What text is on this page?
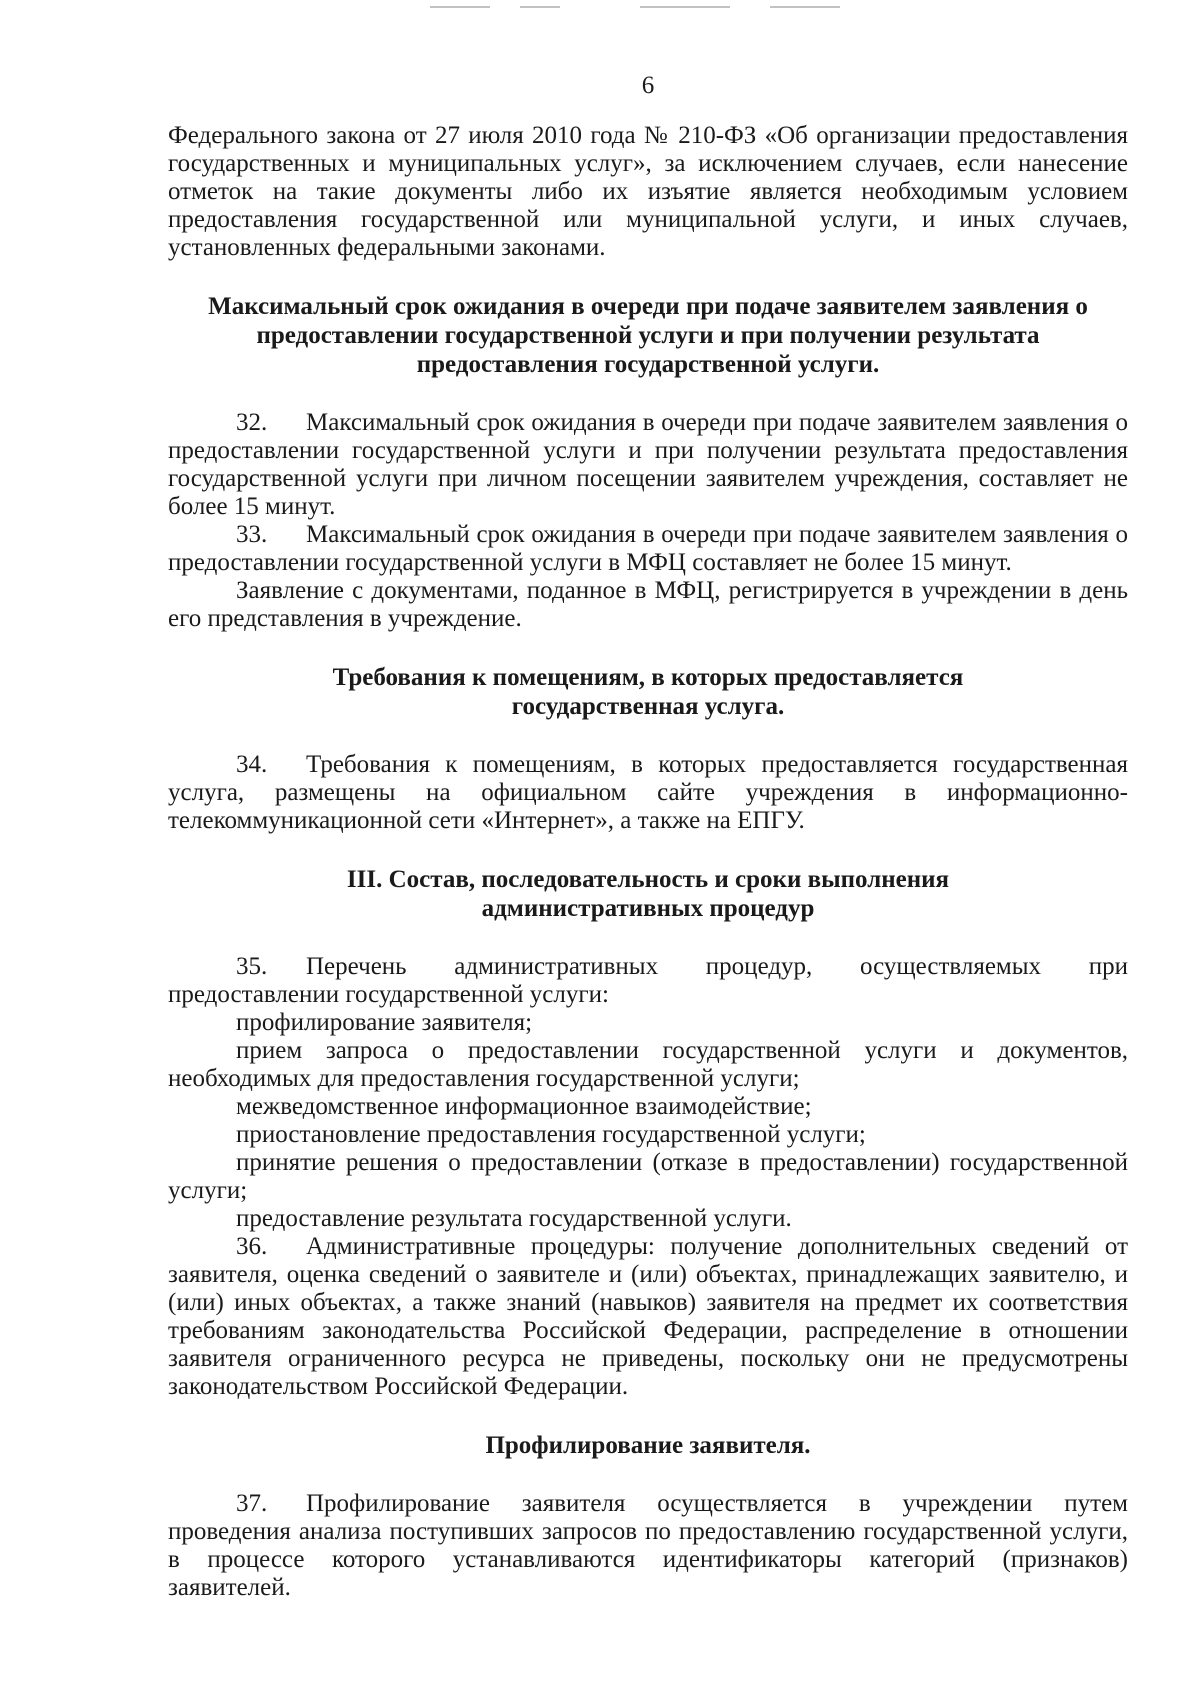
6

Федерального закона от 27 июля 2010 года № 210-ФЗ «Об организации предоставления государственных и муниципальных услуг», за исключением случаев, если нанесение отметок на такие документы либо их изъятие является необходимым условием предоставления государственной или муниципальной услуги, и иных случаев, установленных федеральными законами.

Максимальный срок ожидания в очереди при подаче заявителем заявления о
предоставлении государственной услуги и при получении результата
предоставления государственной услуги.

32. Максимальный срок ожидания в очереди при подаче заявителем заявления о предоставлении государственной услуги и при получении результата предоставления государственной услуги при личном посещении заявителем учреждения, составляет не более 15 минут.

33. Максимальный срок ожидания в очереди при подаче заявителем заявления о предоставлении государственной услуги в МФЦ составляет не более 15 минут.

Заявление с документами, поданное в МФЦ, регистрируется в учреждении в день его представления в учреждение.

Требования к помещениям, в которых предоставляется
государственная услуга.

34. Требования к помещениям, в которых предоставляется государственная услуга, размещены на официальном сайте учреждения в информационно-телекоммуникационной сети «Интернет», а также на ЕПГУ.

III. Состав, последовательность и сроки выполнения
административных процедур

35. Перечень административных процедур, осуществляемых при предоставлении государственной услуги:

профилирование заявителя;

прием запроса о предоставлении государственной услуги и документов, необходимых для предоставления государственной услуги;

межведомственное информационное взаимодействие;

приостановление предоставления государственной услуги;

принятие решения о предоставлении (отказе в предоставлении) государственной услуги;

предоставление результата государственной услуги.

36. Административные процедуры: получение дополнительных сведений от заявителя, оценка сведений о заявителе и (или) объектах, принадлежащих заявителю, и (или) иных объектах, а также знаний (навыков) заявителя на предмет их соответствия требованиям законодательства Российской Федерации, распределение в отношении заявителя ограниченного ресурса не приведены, поскольку они не предусмотрены законодательством Российской Федерации.

Профилирование заявителя.

37. Профилирование заявителя осуществляется в учреждении путем проведения анализа поступивших запросов по предоставлению государственной услуги, в процессе которого устанавливаются идентификаторы категорий (признаков) заявителей.
